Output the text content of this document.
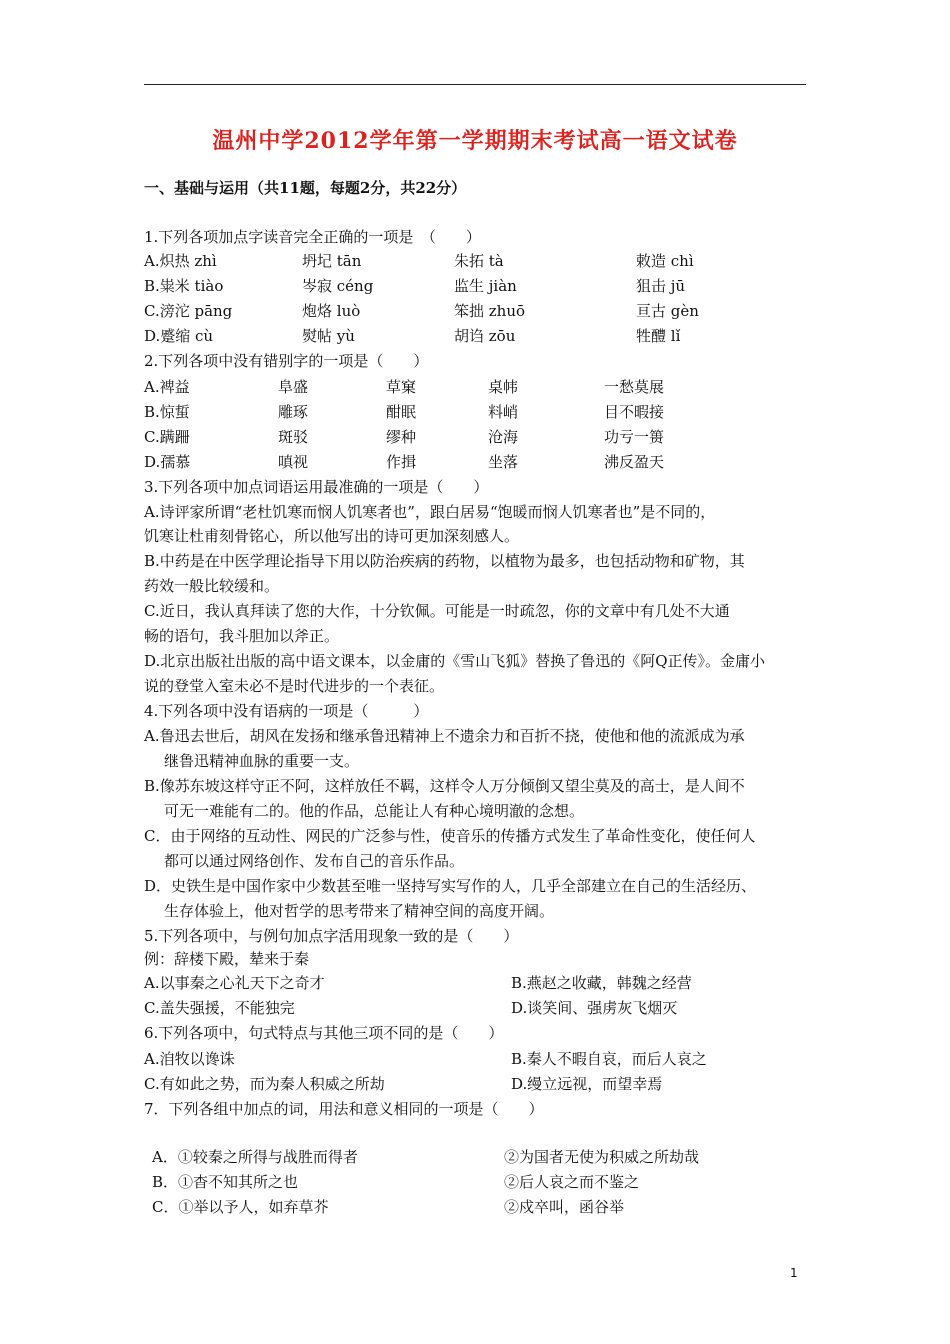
温州中学2012学年第一学期期末考试高一语文试卷
一、基础与运用（共11题，每题2分，共22分）
1.下列各项加点字读音完全正确的一项是　（　　）
A.炽热 zhì	坍圮 tān	朱拓 tà	敕造 chì
B.粜米 tiào	岑寂 céng	监生 jiàn	狙击 jū
C.滂沱 pāng	炮烙 luò	笨拙 zhuō	亘古 gèn
D.蹙缩 cù	熨帖 yù	胡诌 zōu	牲醴 lǐ
2.下列各项中没有错别字的一项是（　　）
A.裨益	阜盛	草窠	桌帏	一愁莫展
B.惊蜇	雕琢	酣眠	料峭	目不暇接
C.蹒跚	斑驳	缪种	沧海	功亏一篑
D.孺慕	嗔视	作揖	坐落	沸反盈天
3.下列各项中加点词语运用最准确的一项是（　　）
A.诗评家所谓“老杜饥寒而悯人饥寒者也”，跟白居易“饱暖而悯人饥寒者也”是不同的，
饥寒让杜甫刻骨铭心，所以他写出的诗可更加深刻感人。
B.中药是在中医学理论指导下用以防治疾病的药物，以植物为最多，也包括动物和矿物，其
药效一般比较缓和。
C.近日，我认真拜读了您的大作，十分钦佩。可能是一时疏忽，你的文章中有几处不大通
畅的语句，我斗胆加以斧正。
D.北京出版社出版的高中语文课本，以金庸的《雪山飞狐》替换了鲁迅的《阿Q正传》。金庸小
说的登堂入室未必不是时代进步的一个表征。
4.下列各项中没有语病的一项是（　　　）
A.鲁迅去世后，胡风在发扬和继承鲁迅精神上不遗余力和百折不挠，使他和他的流派成为承
继鲁迅精神血脉的重要一支。
B.像苏东坡这样守正不阿，这样放任不羁，这样令人万分倾倒又望尘莫及的高士，是人间不
可无一难能有二的。他的作品，总能让人有种心境明澈的念想。
C．由于网络的互动性、网民的广泛参与性，使音乐的传播方式发生了革命性变化，使任何人
都可以通过网络创作、发布自己的音乐作品。
D．史铁生是中国作家中少数甚至唯一坚持写实写作的人，几乎全部建立在自己的生活经历、
生存体验上，他对哲学的思考带来了精神空间的高度开阔。
5.下列各项中，与例句加点字活用现象一致的是（　　）
例：辞楼下殿，辇来于秦
A.以事秦之心礼天下之奇才	B.燕赵之收藏，韩魏之经营
C.盖失强援，不能独完	D.谈笑间、强虏灰飞烟灭
6.下列各项中，句式特点与其他三项不同的是（　　）
A.洎牧以谗诛	B.秦人不暇自哀，而后人哀之
C.有如此之势，而为秦人积威之所劫	D.缦立远视，而望幸焉
7．下列各组中加点的词，用法和意义相同的一项是（　　）
A．①较秦之所得与战胜而得者	②为国者无使为积威之所劫哉
B．①杳不知其所之也	②后人哀之而不鉴之
C．①举以予人，如弃草芥	②戍卒叫，函谷举
1
